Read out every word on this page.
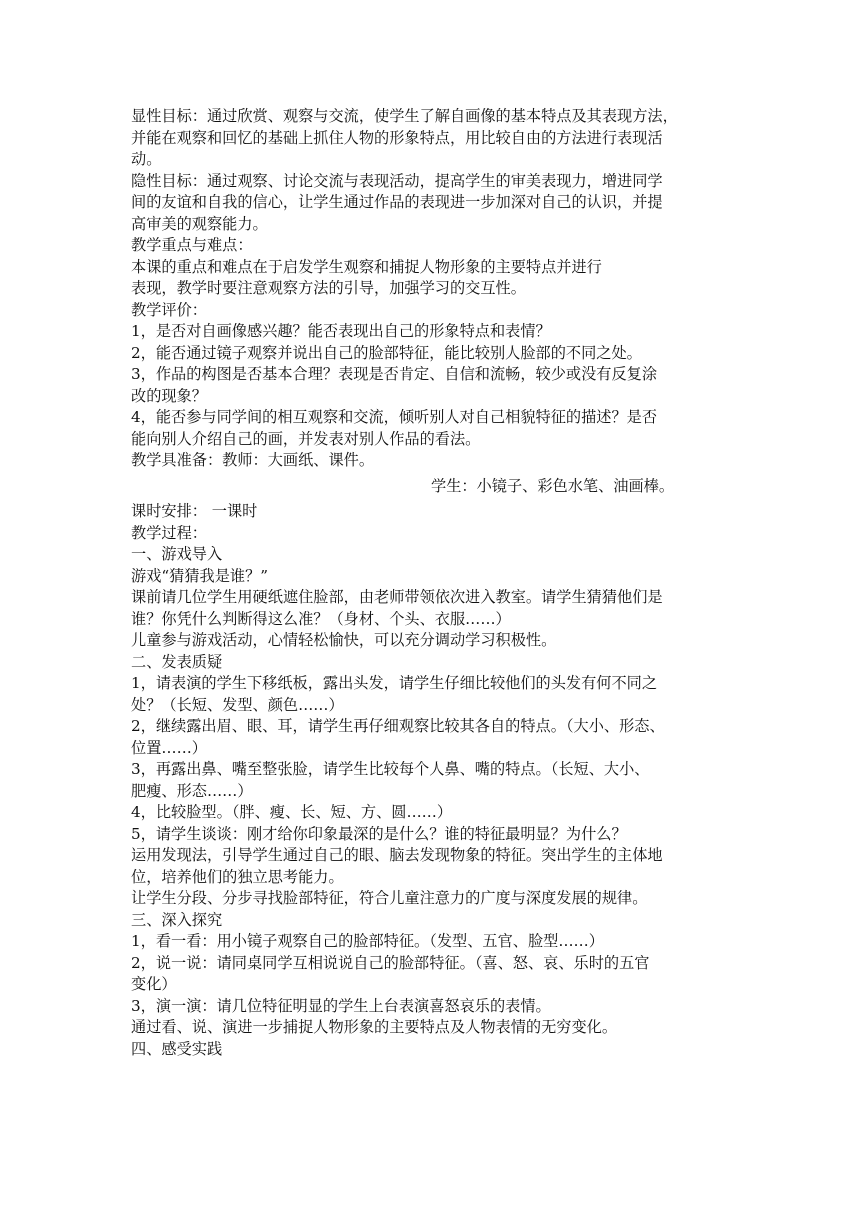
显性目标：通过欣赏、观察与交流，使学生了解自画像的基本特点及其表现方法，
并能在观察和回忆的基础上抓住人物的形象特点，用比较自由的方法进行表现活
动。
隐性目标：通过观察、讨论交流与表现活动，提高学生的审美表现力，增进同学
间的友谊和自我的信心，让学生通过作品的表现进一步加深对自己的认识，并提
高审美的观察能力。
教学重点与难点：
本课的重点和难点在于启发学生观察和捕捉人物形象的主要特点并进行
表现，教学时要注意观察方法的引导，加强学习的交互性。
教学评价：
1，是否对自画像感兴趣？能否表现出自己的形象特点和表情？
2，能否通过镜子观察并说出自己的脸部特征，能比较别人脸部的不同之处。
3，作品的构图是否基本合理？表现是否肯定、自信和流畅，较少或没有反复涂
改的现象？
4，能否参与同学间的相互观察和交流，倾听别人对自己相貌特征的描述？是否
能向别人介绍自己的画，并发表对别人作品的看法。
教学具准备：教师：大画纸、课件。
学生：小镜子、彩色水笔、油画棒。
课时安排： 一课时
教学过程：
一、游戏导入
游戏“猜猜我是谁？”
课前请几位学生用硬纸遮住脸部，由老师带领依次进入教室。请学生猜猜他们是
谁？你凭什么判断得这么准？（身材、个头、衣服……）
儿童参与游戏活动，心情轻松愉快，可以充分调动学习积极性。
二、发表质疑
1，请表演的学生下移纸板，露出头发，请学生仔细比较他们的头发有何不同之
处？（长短、发型、颜色……）
2，继续露出眉、眼、耳，请学生再仔细观察比较其各自的特点。（大小、形态、
位置……）
3，再露出鼻、嘴至整张脸，请学生比较每个人鼻、嘴的特点。（长短、大小、
肥瘦、形态……）
4，比较脸型。（胖、瘦、长、短、方、圆……）
5，请学生谈谈：刚才给你印象最深的是什么？谁的特征最明显？为什么？
运用发现法，引导学生通过自己的眼、脑去发现物象的特征。突出学生的主体地
位，培养他们的独立思考能力。
让学生分段、分步寻找脸部特征，符合儿童注意力的广度与深度发展的规律。
三、深入探究
1，看一看：用小镜子观察自己的脸部特征。（发型、五官、脸型……）
2，说一说：请同桌同学互相说说自己的脸部特征。（喜、怒、哀、乐时的五官
变化）
3，演一演：请几位特征明显的学生上台表演喜怒哀乐的表情。
通过看、说、演进一步捕捉人物形象的主要特点及人物表情的无穷变化。
四、感受实践
